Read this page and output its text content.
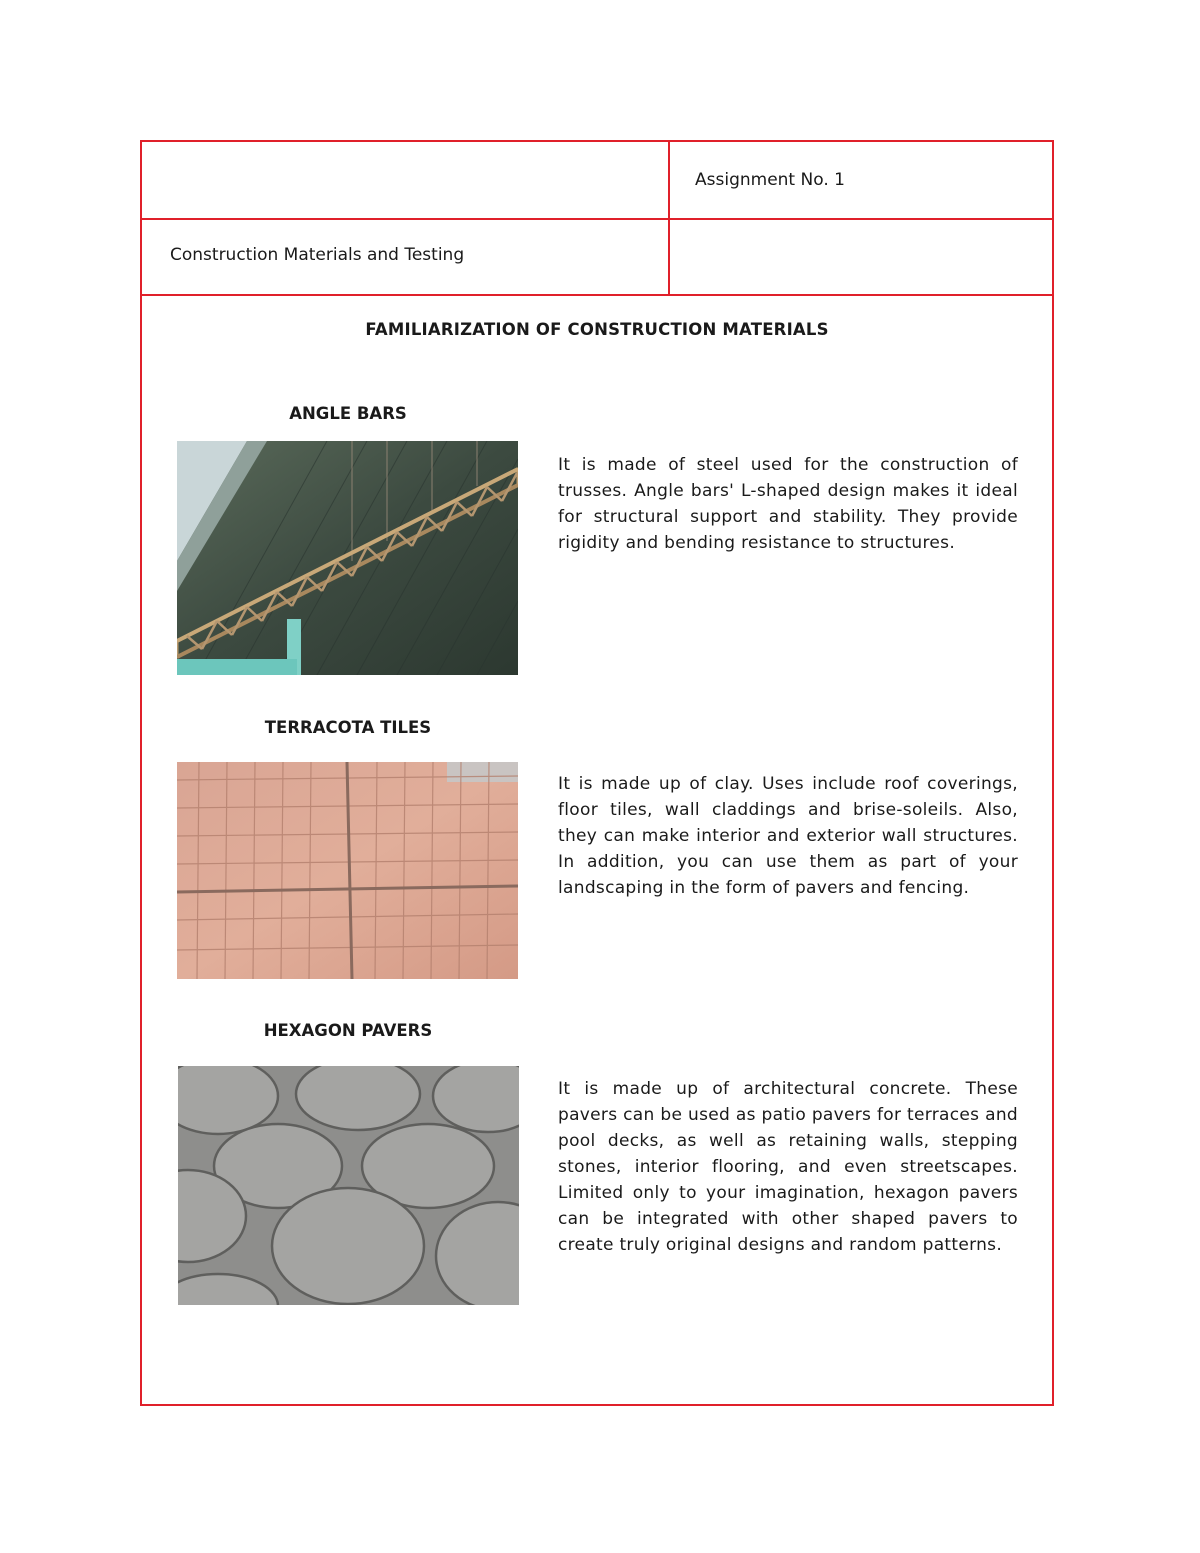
Assignment No. 1
Construction Materials and Testing
FAMILIARIZATION OF CONSTRUCTION MATERIALS
ANGLE BARS
It is made of steel used for the construction of trusses. Angle bars' L-shaped design makes it ideal for structural support and stability. They provide rigidity and bending resistance to structures.
TERRACOTA TILES
It is made up of clay. Uses include roof coverings, floor tiles, wall claddings and brise-soleils. Also, they can make interior and exterior wall structures. In addition, you can use them as part of your landscaping in the form of pavers and fencing.
HEXAGON PAVERS
It is made up of architectural concrete. These pavers can be used as patio pavers for terraces and pool decks, as well as retaining walls, stepping stones, interior flooring, and even streetscapes. Limited only to your imagination, hexagon pavers can be integrated with other shaped pavers to create truly original designs and random patterns.
